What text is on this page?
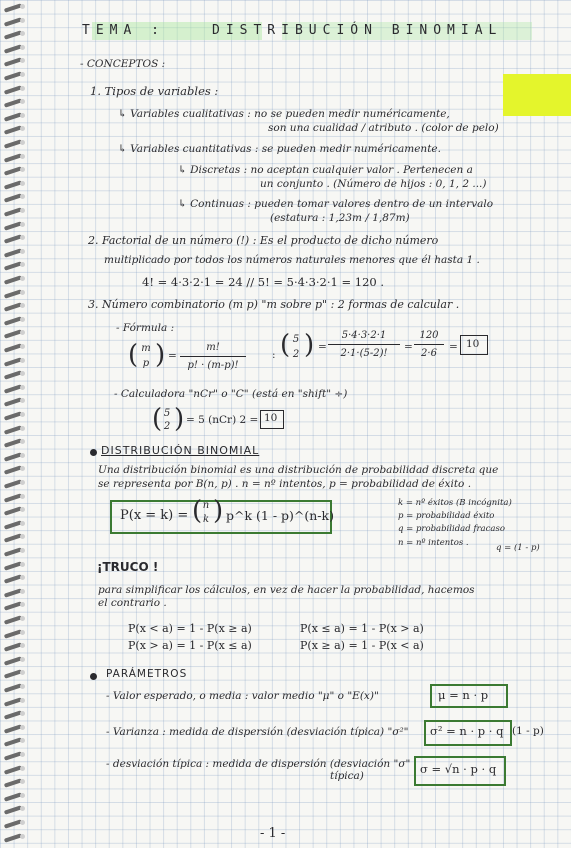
TEMA :	DISTRIBUCIÓN BINOMIAL
- CONCEPTOS :
1. Tipos de variables :
↳ Variables cualitativas : no se pueden medir numéricamente,
son una cualidad / atributo . (color de pelo)
↳ Variables cuantitativas : se pueden medir numéricamente.
↳ Discretas : no aceptan cualquier valor . Pertenecen a
un conjunto . (Número de hijos : 0, 1, 2 ...)
↳ Continuas : pueden tomar valores dentro de un intervalo
(estatura : 1,23m / 1,87m)
2. Factorial de un número (!) : Es el producto de dicho número
multiplicado por todos los números naturales menores que él hasta 1 .
4! = 4·3·2·1 = 24 // 5! = 5·4·3·2·1 = 120 .
3. Número combinatorio (m p) "m sobre p" : 2 formas de calcular .
- Fórmula :
( m
p ) =
m!
p! · (m-p)!
: ( 5
2 ) =
5·4·3·2·1
2·1·(5-2)!
=
120
2·6
= 10
- Calculadora "nCr" o "C" (está en "shift" ÷)
( 5
2 ) = 5 (nCr) 2 = 10
DISTRIBUCIÓN BINOMIAL
Una distribución binomial es una distribución de probabilidad discreta que
se representa por B(n, p) . n = nº intentos, p = probabilidad de éxito .
P(x = k) = ( n
k ) p^k (1 - p)^(n-k)
k = nº éxitos (B incógnita)
p = probabilidad éxito
q = probabilidad fracaso
n = nº intentos .	q = (1 - p)
¡TRUCO !
para simplificar los cálculos, en vez de hacer la probabilidad, hacemos
el contrario .
P(x < a) = 1 - P(x ≥ a)	P(x ≤ a) = 1 - P(x > a)
P(x > a) = 1 - P(x ≤ a)	P(x ≥ a) = 1 - P(x < a)
PARÁMETROS
- Valor esperado, o media : valor medio "μ" o "E(x)"	μ = n · p
- Varianza : medida de dispersión (desviación típica) "σ²" σ² = n · p · q (1 - p)
- desviación típica : medida de dispersión (desviación "σ"
típica)	σ = √n · p · q
- 1 -
